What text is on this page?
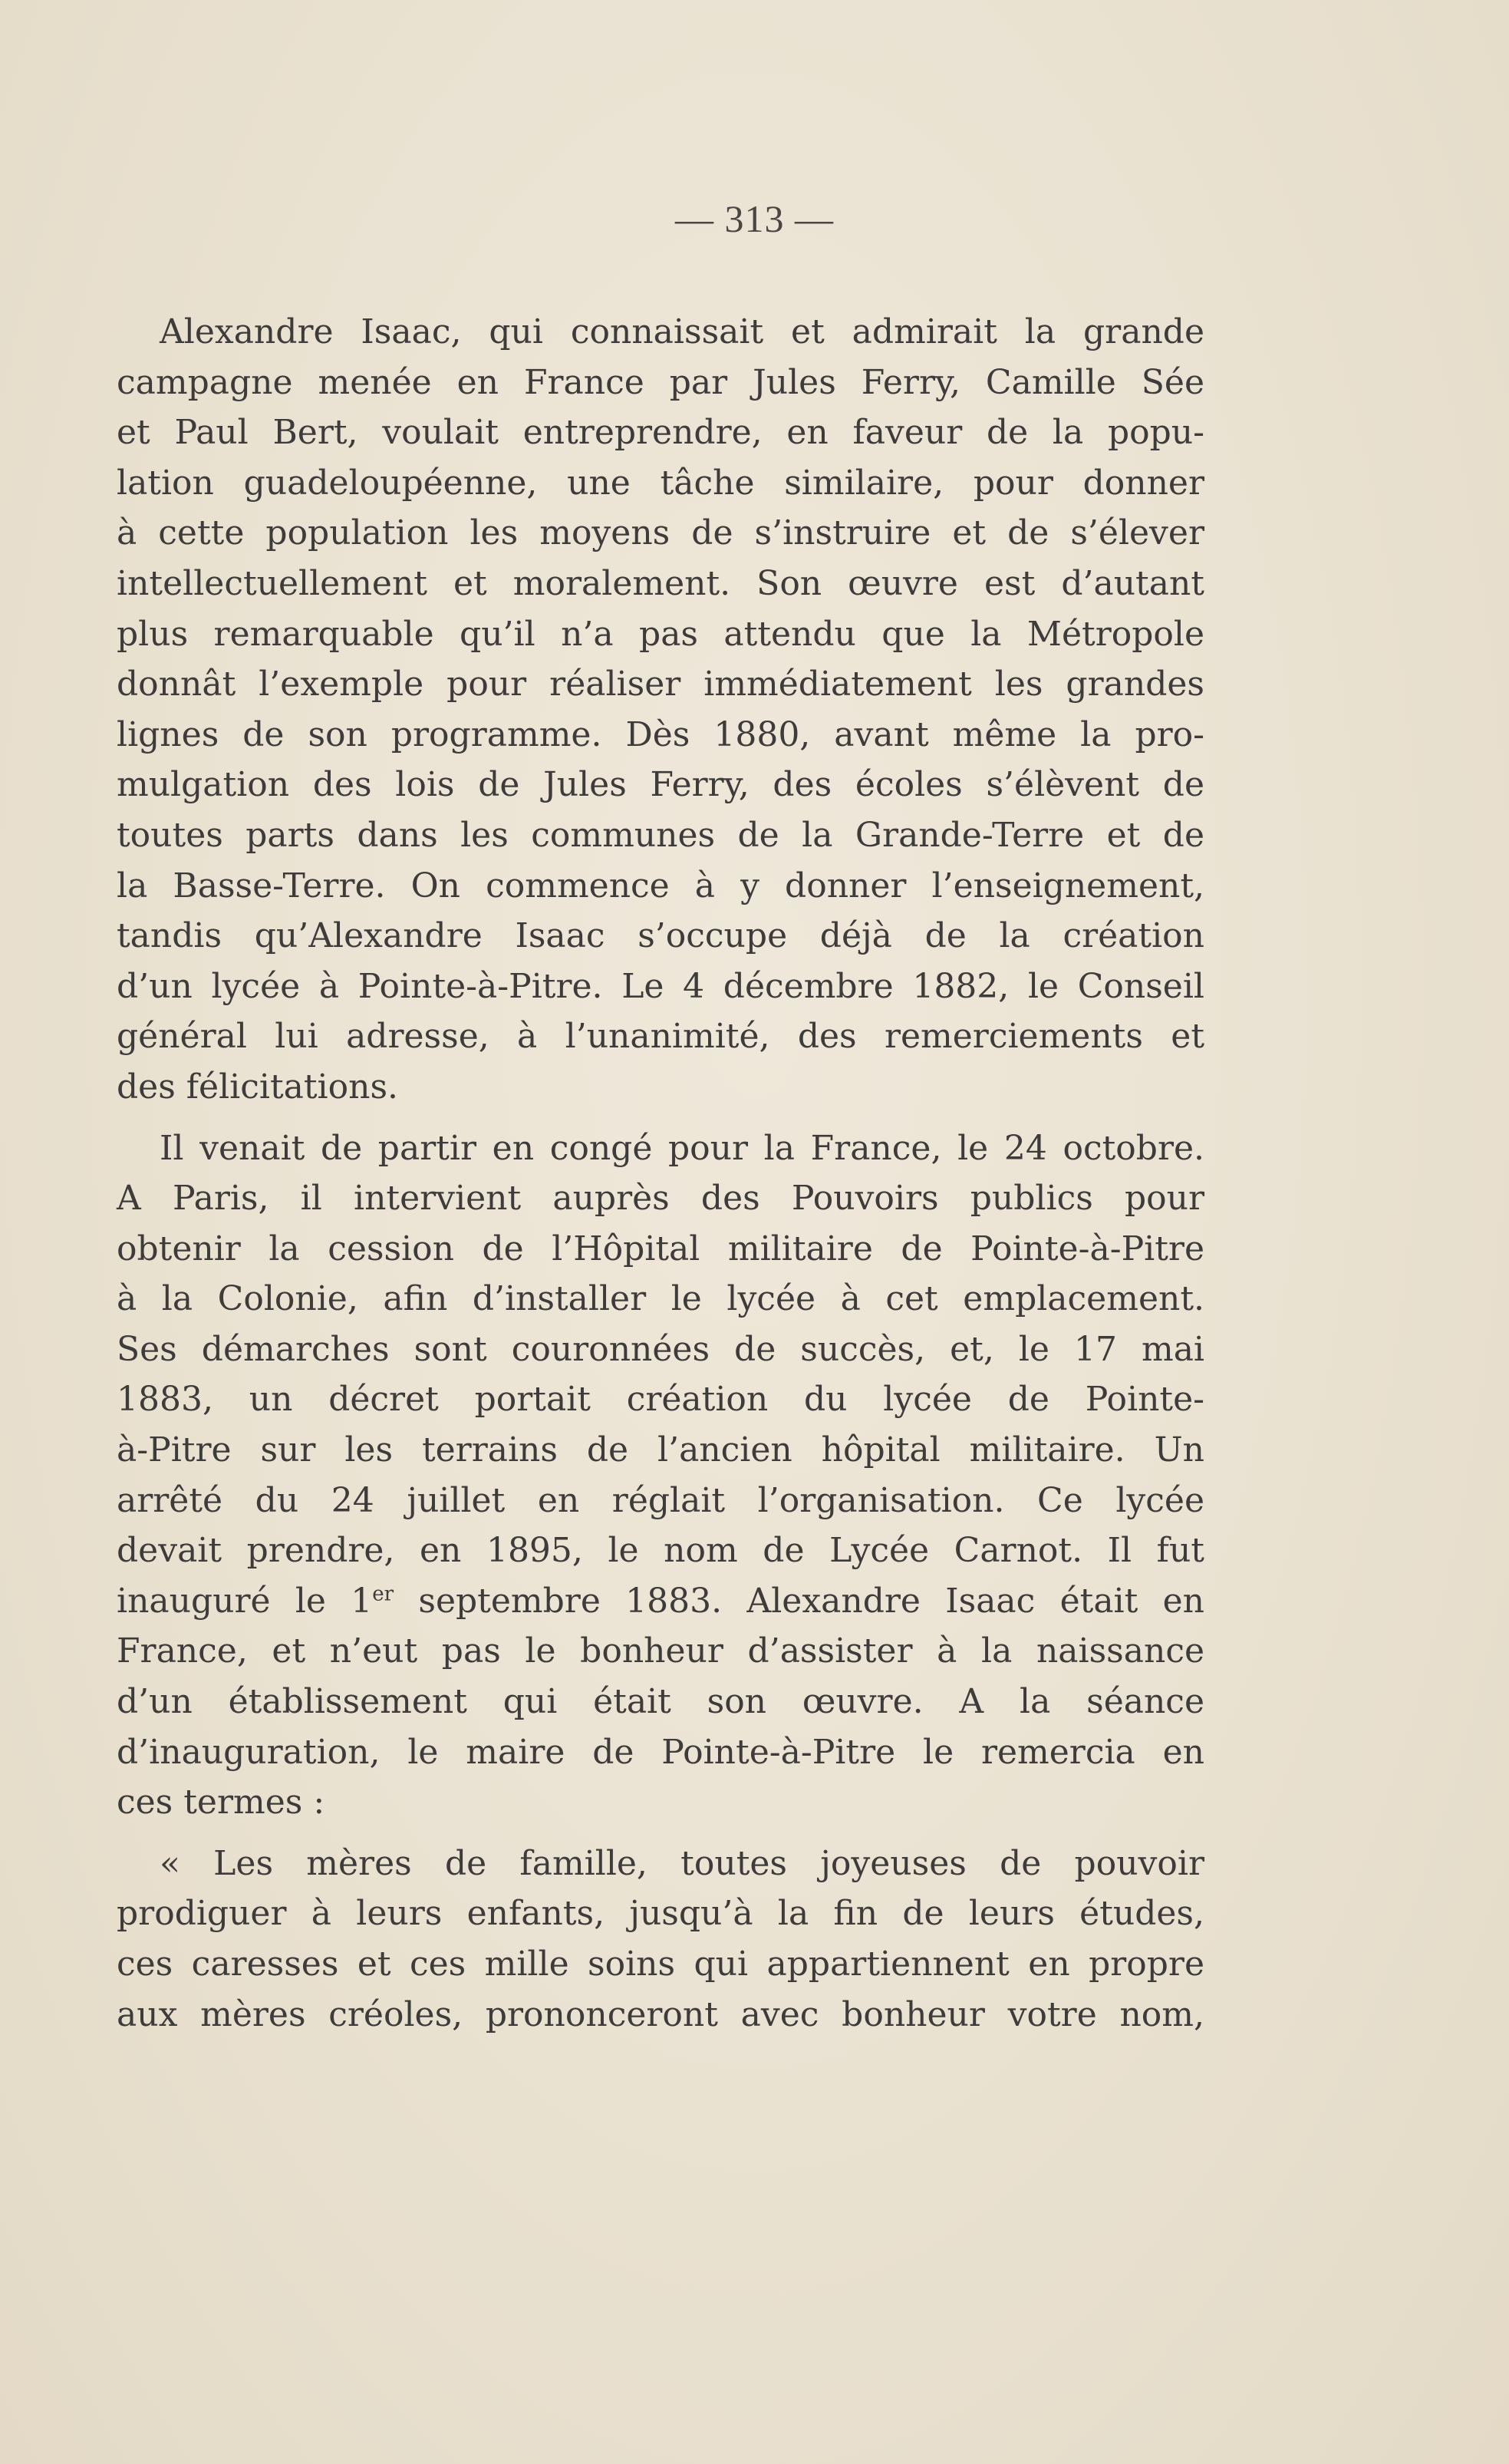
— 313 —
Alexandre Isaac, qui connaissait et admirait la grande
campagne menée en France par Jules Ferry, Camille Sée
et Paul Bert, voulait entreprendre, en faveur de la popu-
lation guadeloupéenne, une tâche similaire, pour donner
à cette population les moyens de s’instruire et de s’élever
intellectuellement et moralement. Son œuvre est d’autant
plus remarquable qu’il n’a pas attendu que la Métropole
donnât l’exemple pour réaliser immédiatement les grandes
lignes de son programme. Dès 1880, avant même la pro-
mulgation des lois de Jules Ferry, des écoles s’élèvent de
toutes parts dans les communes de la Grande-Terre et de
la Basse-Terre. On commence à y donner l’enseignement,
tandis qu’Alexandre Isaac s’occupe déjà de la création
d’un lycée à Pointe-à-Pitre. Le 4 décembre 1882, le Conseil
général lui adresse, à l’unanimité, des remerciements et
des félicitations.
Il venait de partir en congé pour la France, le 24 octobre.
A Paris, il intervient auprès des Pouvoirs publics pour
obtenir la cession de l’Hôpital militaire de Pointe-à-Pitre
à la Colonie, afin d’installer le lycée à cet emplacement.
Ses démarches sont couronnées de succès, et, le 17 mai
1883, un décret portait création du lycée de Pointe-
à-Pitre sur les terrains de l’ancien hôpital militaire. Un
arrêté du 24 juillet en réglait l’organisation. Ce lycée
devait prendre, en 1895, le nom de Lycée Carnot. Il fut
inauguré le 1er septembre 1883. Alexandre Isaac était en
France, et n’eut pas le bonheur d’assister à la naissance
d’un établissement qui était son œuvre. A la séance
d’inauguration, le maire de Pointe-à-Pitre le remercia en
ces termes :
« Les mères de famille, toutes joyeuses de pouvoir
prodiguer à leurs enfants, jusqu’à la fin de leurs études,
ces caresses et ces mille soins qui appartiennent en propre
aux mères créoles, prononceront avec bonheur votre nom,
